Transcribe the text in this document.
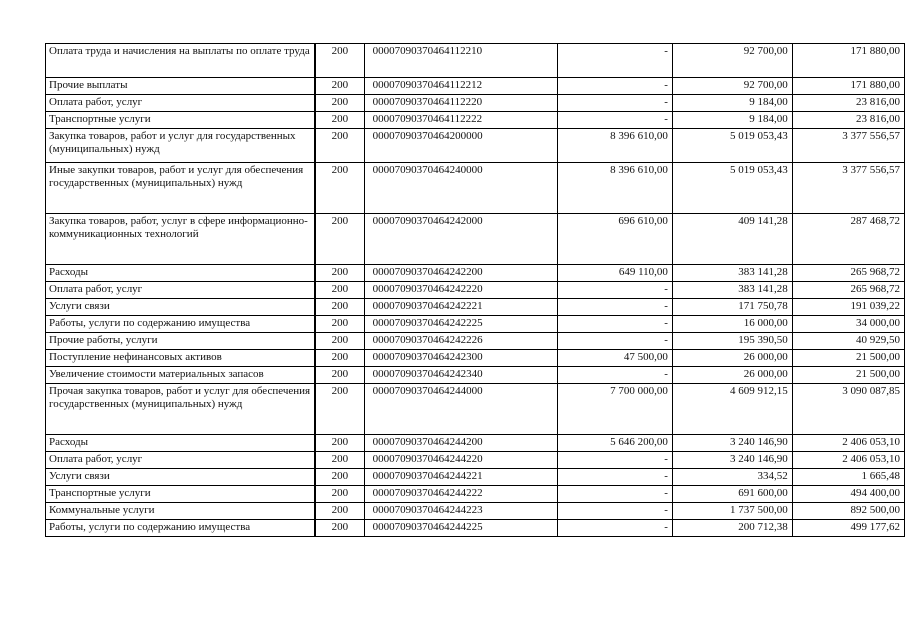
Оплата труда и начисления на выплаты по оплате труда	200	00007090370464112210	-	92 700,00	171 880,00
Прочие выплаты	200	00007090370464112212	-	92 700,00	171 880,00
Оплата работ, услуг	200	00007090370464112220	-	9 184,00	23 816,00
Транспортные услуги	200	00007090370464112222	-	9 184,00	23 816,00
Закупка товаров, работ и услуг для государственных (муниципальных) нужд	200	00007090370464200000	8 396 610,00	5 019 053,43	3 377 556,57
Иные закупки товаров, работ и услуг для обеспечения государственных (муниципальных) нужд	200	00007090370464240000	8 396 610,00	5 019 053,43	3 377 556,57
Закупка товаров, работ, услуг в сфере информационно-коммуникационных технологий	200	00007090370464242000	696 610,00	409 141,28	287 468,72
Расходы	200	00007090370464242200	649 110,00	383 141,28	265 968,72
Оплата работ, услуг	200	00007090370464242220	-	383 141,28	265 968,72
Услуги связи	200	00007090370464242221	-	171 750,78	191 039,22
Работы, услуги по содержанию имущества	200	00007090370464242225	-	16 000,00	34 000,00
Прочие работы, услуги	200	00007090370464242226	-	195 390,50	40 929,50
Поступление нефинансовых активов	200	00007090370464242300	47 500,00	26 000,00	21 500,00
Увеличение стоимости материальных запасов	200	00007090370464242340	-	26 000,00	21 500,00
Прочая закупка товаров, работ и услуг для обеспечения государственных (муниципальных) нужд	200	00007090370464244000	7 700 000,00	4 609 912,15	3 090 087,85
Расходы	200	00007090370464244200	5 646 200,00	3 240 146,90	2 406 053,10
Оплата работ, услуг	200	00007090370464244220	-	3 240 146,90	2 406 053,10
Услуги связи	200	00007090370464244221	-	334,52	1 665,48
Транспортные услуги	200	00007090370464244222	-	691 600,00	494 400,00
Коммунальные услуги	200	00007090370464244223	-	1 737 500,00	892 500,00
Работы, услуги по содержанию имущества	200	00007090370464244225	-	200 712,38	499 177,62
